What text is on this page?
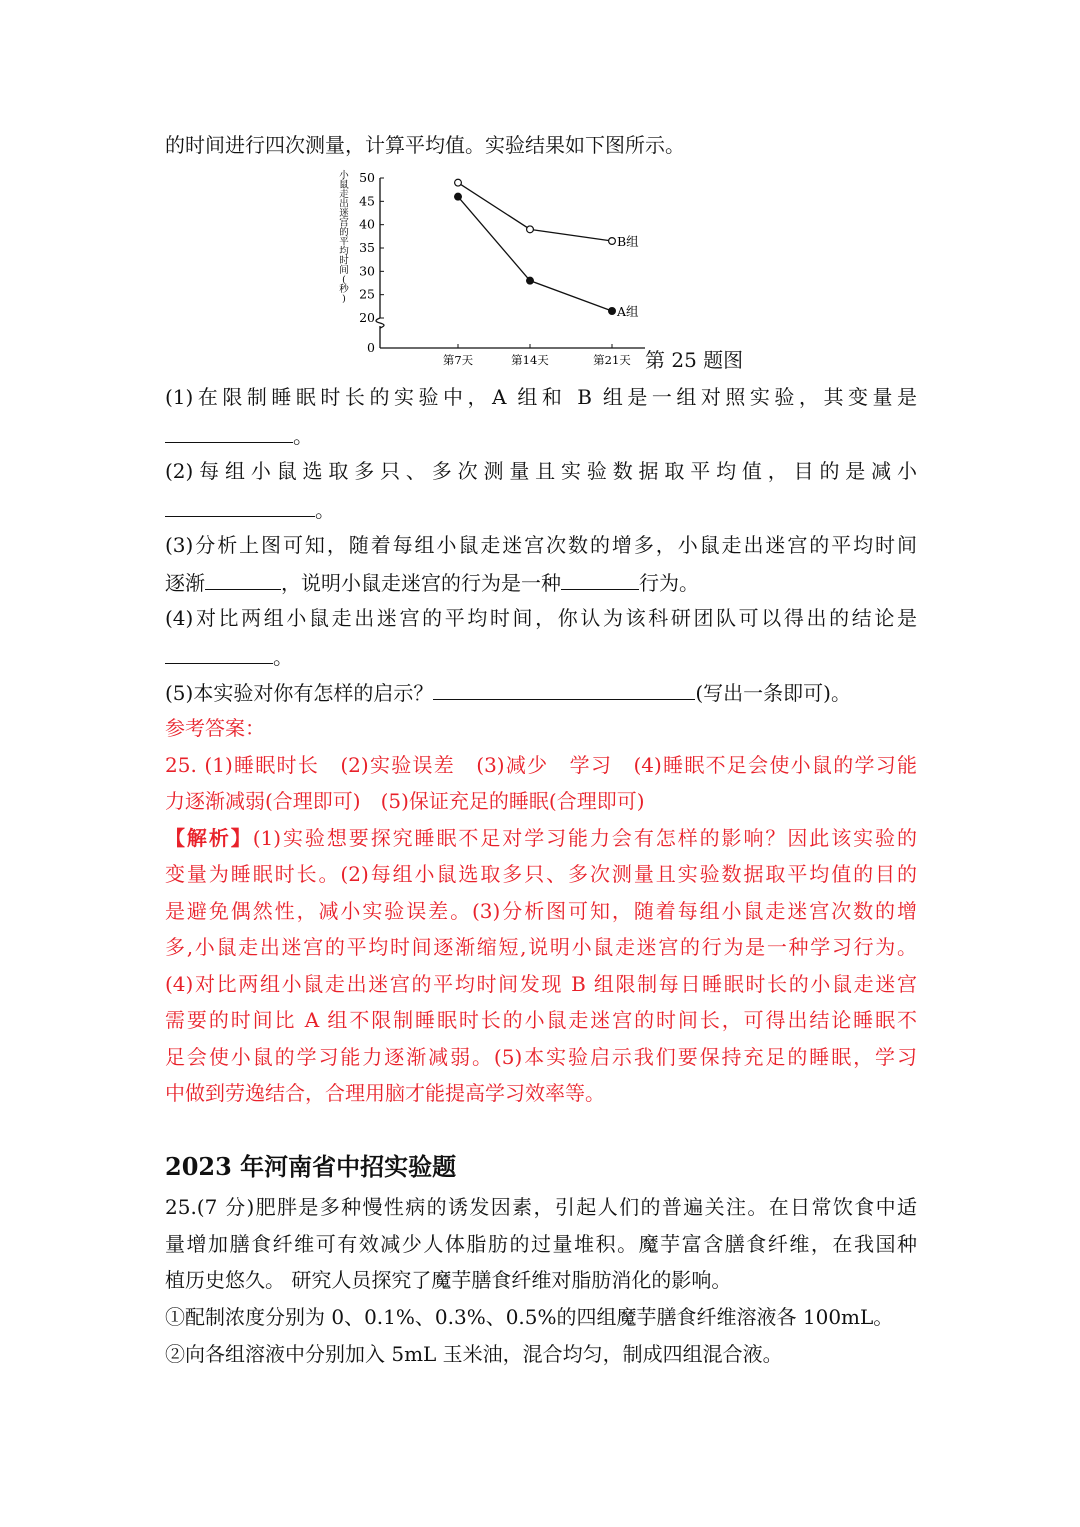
的时间进行四次测量，计算平均值。实验结果如下图所示。
小
鼠
走
出
迷
宫
的
平
均
时
间
(
秒
)
0
20
25
30
35
40
45
50
第7天	第14天	第21天
B组
A组
第 25 题图
(1)在限制睡眠时长的实验中，A 组和 B 组是一组对照实验，其变量是
。
(2)每组小鼠选取多只、多次测量且实验数据取平均值，目的是减小
。
(3)分析上图可知，随着每组小鼠走迷宫次数的增多，小鼠走出迷宫的平均时间
逐渐	，说明小鼠走迷宫的行为是一种	行为。
(4)对比两组小鼠走出迷宫的平均时间，你认为该科研团队可以得出的结论是
。
(5)本实验对你有怎样的启示？	(写出一条即可)。
参考答案：
25. (1)睡眠时长　(2)实验误差　(3)减少　学习　(4)睡眠不足会使小鼠的学习能
力逐渐减弱(合理即可)　(5)保证充足的睡眠(合理即可)
【解析】(1)实验想要探究睡眠不足对学习能力会有怎样的影响？因此该实验的
变量为睡眠时长。(2)每组小鼠选取多只、多次测量且实验数据取平均值的目的
是避免偶然性，减小实验误差。(3)分析图可知，随着每组小鼠走迷宫次数的增
多,小鼠走出迷宫的平均时间逐渐缩短,说明小鼠走迷宫的行为是一种学习行为。
(4)对比两组小鼠走出迷宫的平均时间发现 B 组限制每日睡眠时长的小鼠走迷宫
需要的时间比 A 组不限制睡眠时长的小鼠走迷宫的时间长，可得出结论睡眠不
足会使小鼠的学习能力逐渐减弱。(5)本实验启示我们要保持充足的睡眠，学习
中做到劳逸结合，合理用脑才能提高学习效率等。
2023 年河南省中招实验题
25.(7 分)肥胖是多种慢性病的诱发因素，引起人们的普遍关注。在日常饮食中适
量增加膳食纤维可有效减少人体脂肪的过量堆积。魔芋富含膳食纤维，在我国种
植历史悠久。 研究人员探究了魔芋膳食纤维对脂肪消化的影响。
①配制浓度分别为 0、0.1%、0.3%、0.5%的四组魔芋膳食纤维溶液各 100mL。
②向各组溶液中分别加入 5mL 玉米油，混合均匀，制成四组混合液。
